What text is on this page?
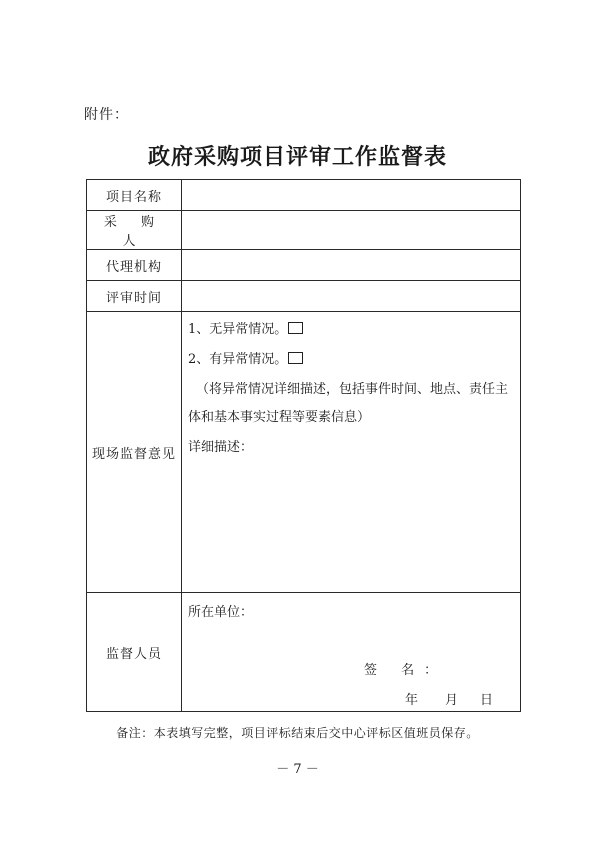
附件：
政府采购项目评审工作监督表
项目名称	
采 购 人	
代理机构	
评审时间	
现场监督意见	1、无异常情况。
2、有异常情况。
（将异常情况详细描述，包括事件时间、地点、责任主
体和基本事实过程等要素信息）
详细描述：

监督人员	所在单位：
签 名：
年 月 日
备注：本表填写完整，项目评标结束后交中心评标区值班员保存。
－ 7 －
